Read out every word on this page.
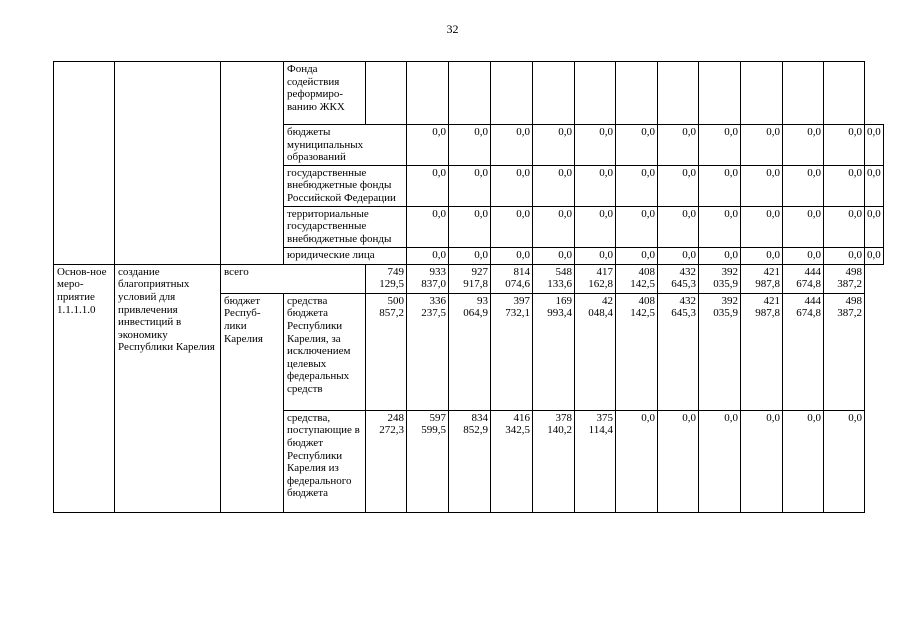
32
			Фонда содействия реформиро-ванию ЖКХ													
			бюджеты муниципальных образований		0,0	0,0	0,0	0,0	0,0	0,0	0,0	0,0	0,0	0,0	0,0	0,0
			государственные внебюджетные фонды Российской Федерации		0,0	0,0	0,0	0,0	0,0	0,0	0,0	0,0	0,0	0,0	0,0	0,0
			территориальные государственные внебюджетные фонды		0,0	0,0	0,0	0,0	0,0	0,0	0,0	0,0	0,0	0,0	0,0	0,0
			юридические лица		0,0	0,0	0,0	0,0	0,0	0,0	0,0	0,0	0,0	0,0	0,0	0,0
Основ-ное меро-приятие 1.1.1.1.0	создание благоприятных условий для привлечения инвестиций в экономику Республики Карелия	всего		749 129,5	933 837,0	927 917,8	814 074,6	548 133,6	417 162,8	408 142,5	432 645,3	392 035,9	421 987,8	444 674,8	498 387,2	
		бюджет Респуб-лики Карелия	средства бюджета Республики Карелия, за исключением целевых федеральных средств	500 857,2	336 237,5	93 064,9	397 732,1	169 993,4	42 048,4	408 142,5	432 645,3	392 035,9	421 987,8	444 674,8	498 387,2	
			средства, поступающие в бюджет Республики Карелия из федерального бюджета	248 272,3	597 599,5	834 852,9	416 342,5	378 140,2	375 114,4	0,0	0,0	0,0	0,0	0,0	0,0	
